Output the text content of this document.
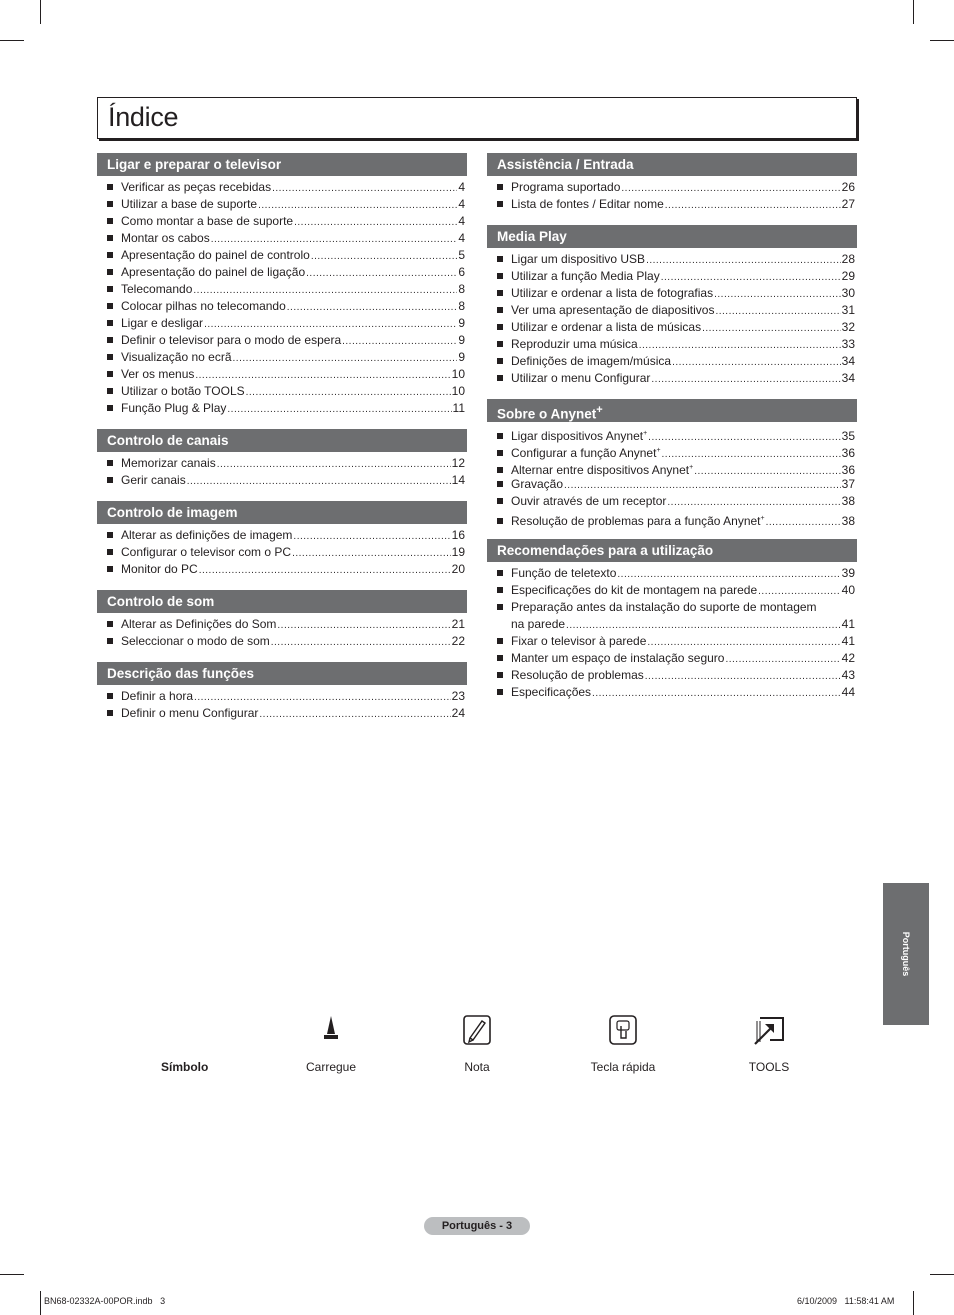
Índice
Ligar e preparar o televisor
Verificar as peças recebidas .....	4
Utilizar a base de suporte .....	4
Como montar a base de suporte .....	4
Montar os cabos .....	4
Apresentação do painel de controlo .....	5
Apresentação do painel de ligação .....	6
Telecomando .....	8
Colocar pilhas no telecomando .....	8
Ligar e desligar .....	9
Definir o televisor para o modo de espera .....	9
Visualização no ecrã .....	9
Ver os menus .....	10
Utilizar o botão TOOLS .....	10
Função Plug & Play .....	11
Controlo de canais
Memorizar canais .....	12
Gerir canais .....	14
Controlo de imagem
Alterar as definições de imagem .....	16
Configurar o televisor com o PC .....	19
Monitor do PC .....	20
Controlo de som
Alterar as Definições do Som .....	21
Seleccionar o modo de som .....	22
Descrição das funções
Definir a hora .....	23
Definir o menu Configurar .....	24
Assistência / Entrada
Programa suportado .....	26
Lista de fontes / Editar nome .....	27
Media Play
Ligar um dispositivo USB .....	28
Utilizar a função Media Play .....	29
Utilizar e ordenar a lista de fotografias .....	30
Ver uma apresentação de diapositivos .....	31
Utilizar e ordenar a lista de músicas .....	32
Reproduzir uma música .....	33
Definições de imagem/música .....	34
Utilizar o menu Configurar .....	34
Sobre o Anynet+
Ligar dispositivos Anynet+ .....	35
Configurar a função Anynet+ .....	36
Alternar entre dispositivos Anynet+ .....	36
Gravação .....	37
Ouvir através de um receptor .....	38
Resolução de problemas para a função Anynet+ .....	38
Recomendações para a utilização
Função de teletexto .....	39
Especificações do kit de montagem na parede .....	40
Preparação antes da instalação do suporte de montagem
na parede .....	41
Fixar o televisor à parede .....	41
Manter um espaço de instalação seguro .....	42
Resolução de problemas .....	43
Especificações .....	44
Português
Símbolo	Carregue	Nota	Tecla rápida	TOOLS
Português - 3
BN68-02332A-00POR.indb   3	6/10/2009   11:58:41 AM
